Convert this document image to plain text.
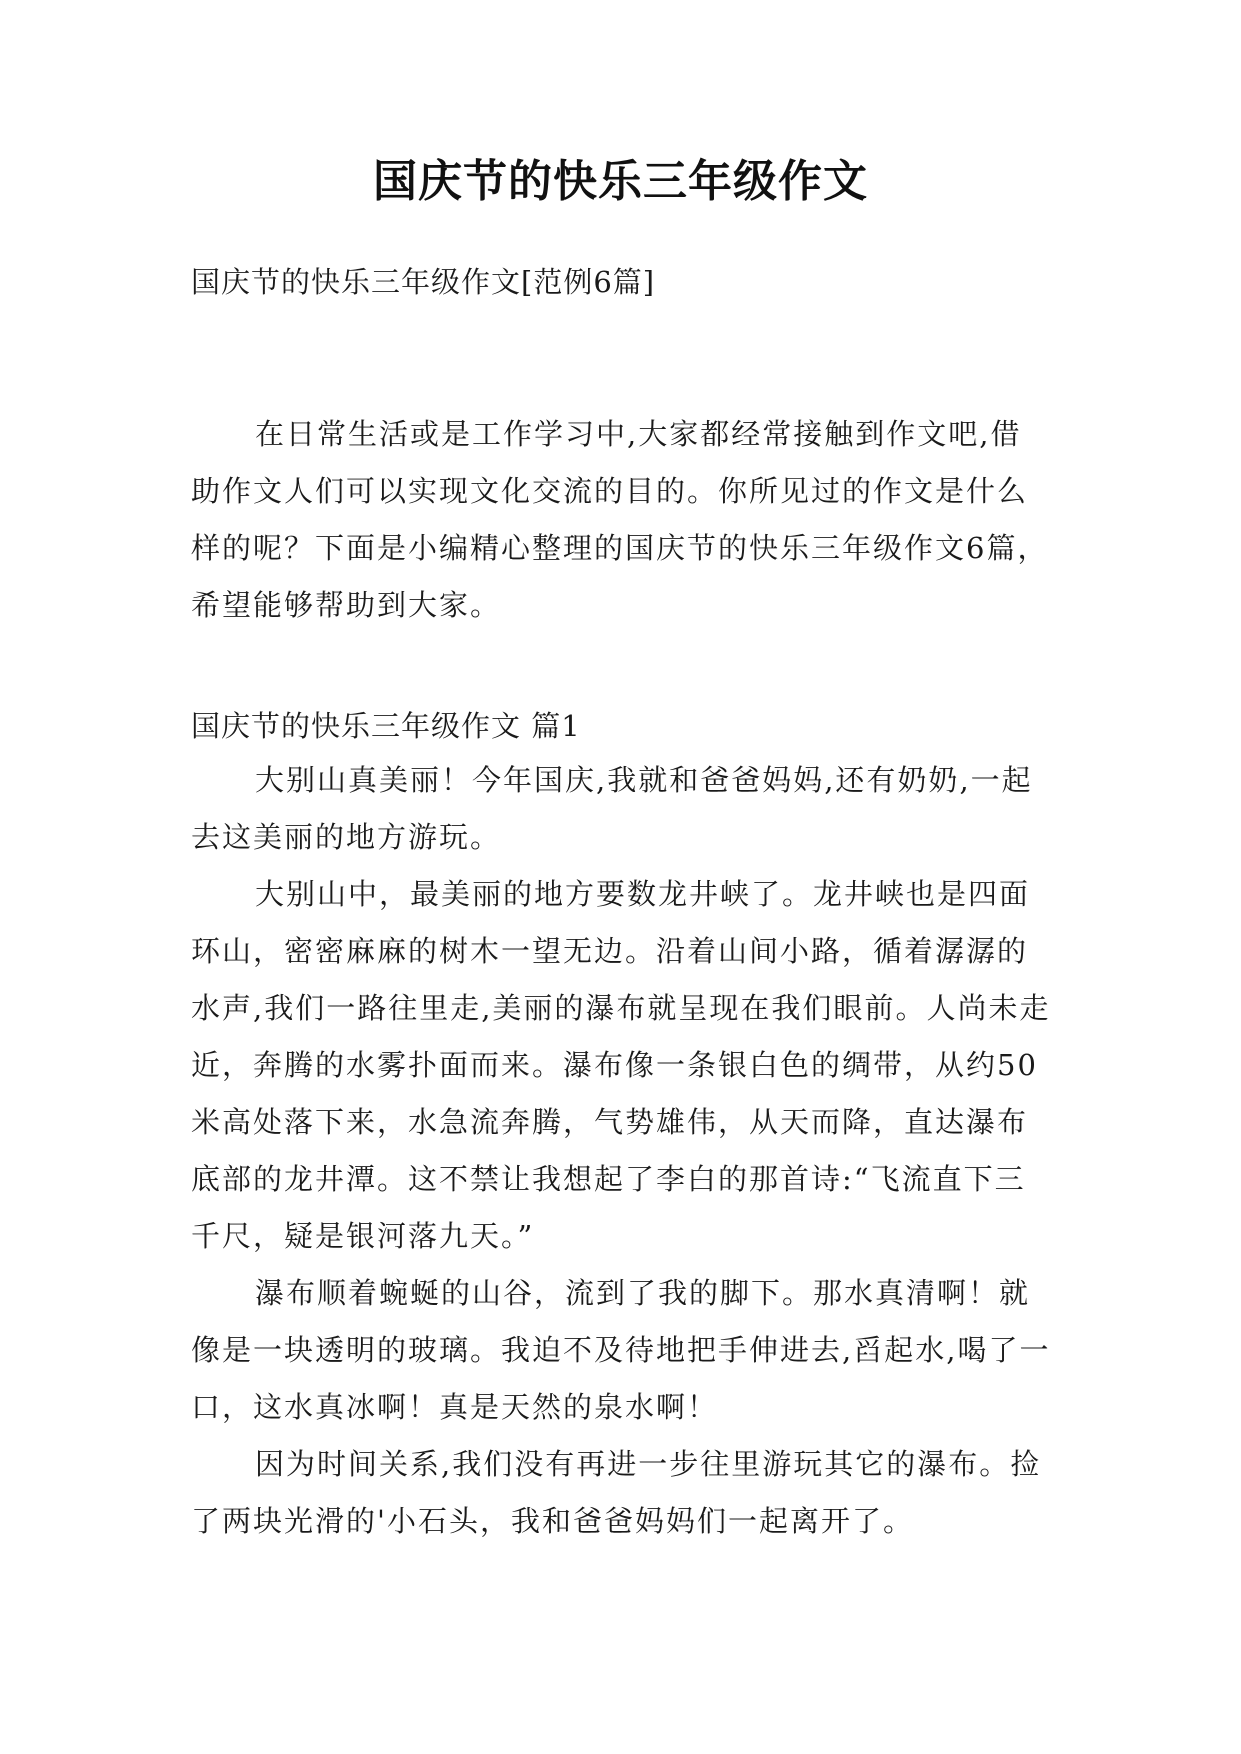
国庆节的快乐三年级作文
国庆节的快乐三年级作文[范例6篇]

在日常生活或是工作学习中,大家都经常接触到作文吧,借助作文人们可以实现文化交流的目的。你所见过的作文是什么样的呢？下面是小编精心整理的国庆节的快乐三年级作文6篇，希望能够帮助到大家。

国庆节的快乐三年级作文 篇1

大别山真美丽！今年国庆,我就和爸爸妈妈,还有奶奶,一起去这美丽的地方游玩。

大别山中，最美丽的地方要数龙井峡了。龙井峡也是四面环山，密密麻麻的树木一望无边。沿着山间小路，循着潺潺的水声,我们一路往里走,美丽的瀑布就呈现在我们眼前。人尚未走近，奔腾的水雾扑面而来。瀑布像一条银白色的绸带，从约50米高处落下来，水急流奔腾，气势雄伟，从天而降，直达瀑布底部的龙井潭。这不禁让我想起了李白的那首诗:“飞流直下三千尺，疑是银河落九天。”

瀑布顺着蜿蜒的山谷，流到了我的脚下。那水真清啊！就像是一块透明的玻璃。我迫不及待地把手伸进去,舀起水,喝了一口，这水真冰啊！真是天然的泉水啊！

因为时间关系,我们没有再进一步往里游玩其它的瀑布。捡了两块光滑的'小石头，我和爸爸妈妈们一起离开了。
